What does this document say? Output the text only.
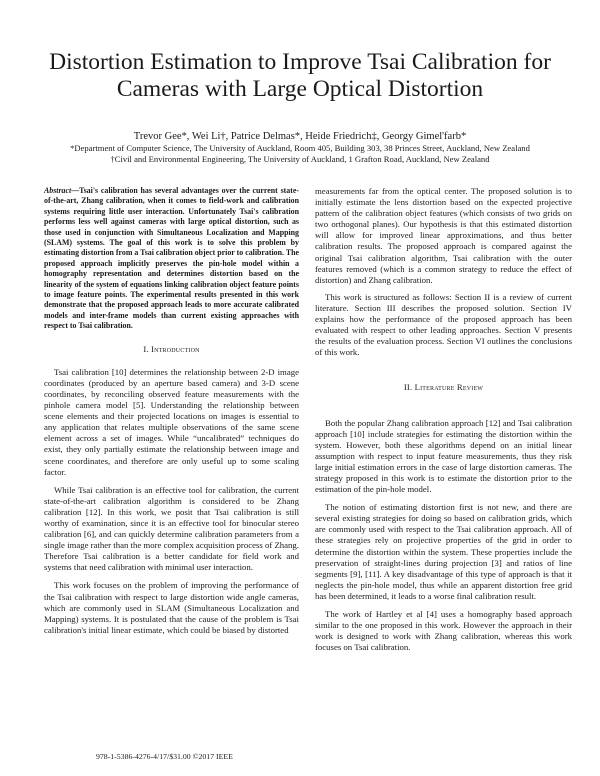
Distortion Estimation to Improve Tsai Calibration for Cameras with Large Optical Distortion
Trevor Gee*, Wei Li†, Patrice Delmas*, Heide Friedrich‡, Georgy Gimel'farb*
*Department of Computer Science, The University of Auckland, Room 405, Building 303, 38 Princes Street, Auckland, New Zealand
†Civil and Environmental Engineering, The University of Auckland, 1 Grafton Road, Auckland, New Zealand

Abstract—Tsai's calibration has several advantages over the current state-of-the-art, Zhang calibration, when it comes to field-work and calibration systems requiring little user interaction. Unfortunately Tsai's calibration performs less well against cameras with large optical distortion, such as those used in conjunction with Simultaneous Localization and Mapping (SLAM) systems. The goal of this work is to solve this problem by estimating distortion from a Tsai calibration object prior to calibration. The proposed approach implicitly preserves the pin-hole model within a homography representation and determines distortion based on the linearity of the system of equations linking calibration object feature points to image feature points. The experimental results presented in this work demonstrate that the proposed approach leads to more accurate calibrated models and inter-frame models than current existing approaches with respect to Tsai calibration.

I. Introduction

Tsai calibration [10] determines the relationship between 2-D image coordinates (produced by an aperture based camera) and 3-D scene coordinates, by reconciling observed feature measurements with the pinhole camera model [5]. Understanding the relationship between scene elements and their projected locations on images is essential to any application that relates multiple observations of the same scene element across a set of images. While “uncalibrated” techniques do exist, they only partially estimate the relationship between image and scene coordinates, and therefore are only useful up to some scaling factor.

While Tsai calibration is an effective tool for calibration, the current state-of-the-art calibration algorithm is considered to be Zhang calibration [12]. In this work, we posit that Tsai calibration is still worthy of examination, since it is an effective tool for binocular stereo calibration [6], and can quickly determine calibration parameters from a single image rather than the more complex acquisition process of Zhang. Therefore Tsai calibration is a better candidate for field work and systems that need calibration with minimal user interaction.

This work focuses on the problem of improving the performance of the Tsai calibration with respect to large distortion wide angle cameras, which are commonly used in SLAM (Simultaneous Localization and Mapping) systems. It is postulated that the cause of the problem is Tsai calibration's initial linear estimate, which could be biased by distorted

measurements far from the optical center. The proposed solution is to initially estimate the lens distortion based on the expected projective pattern of the calibration object features (which consists of two grids on two orthogonal planes). Our hypothesis is that this estimated distortion will allow for improved linear approximations, and thus better calibration results. The proposed approach is compared against the original Tsai calibration algorithm, Tsai calibration with the outer features removed (which is a common strategy to reduce the effect of distortion) and Zhang calibration.

This work is structured as follows: Section II is a review of current literature. Section III describes the proposed solution. Section IV explains how the performance of the proposed approach has been evaluated with respect to other leading approaches. Section V presents the results of the evaluation process. Section VI outlines the conclusions of this work.

II. Literature Review

Both the popular Zhang calibration approach [12] and Tsai calibration approach [10] include strategies for estimating the distortion within the system. However, both these algorithms depend on an initial linear assumption with respect to input feature measurements, thus they risk large initial estimation errors in the case of large distortion cameras. The strategy proposed in this work is to estimate the distortion prior to the estimation of the pin-hole model.

The notion of estimating distortion first is not new, and there are several existing strategies for doing so based on calibration grids, which are commonly used with respect to the Tsai calibration approach. All of these strategies rely on projective properties of the grid in order to determine the distortion within the system. These properties include the preservation of straight-lines during projection [3] and ratios of line segments [9], [11]. A key disadvantage of this type of approach is that it neglects the pin-hole model, thus while an apparent distortion free grid has been determined, it leads to a worse final calibration result.

The work of Hartley et al [4] uses a homography based approach similar to the one proposed in this work. However the approach in their work is designed to work with Zhang calibration, whereas this work focuses on Tsai calibration.

978-1-5386-4276-4/17/$31.00 ©2017 IEEE
